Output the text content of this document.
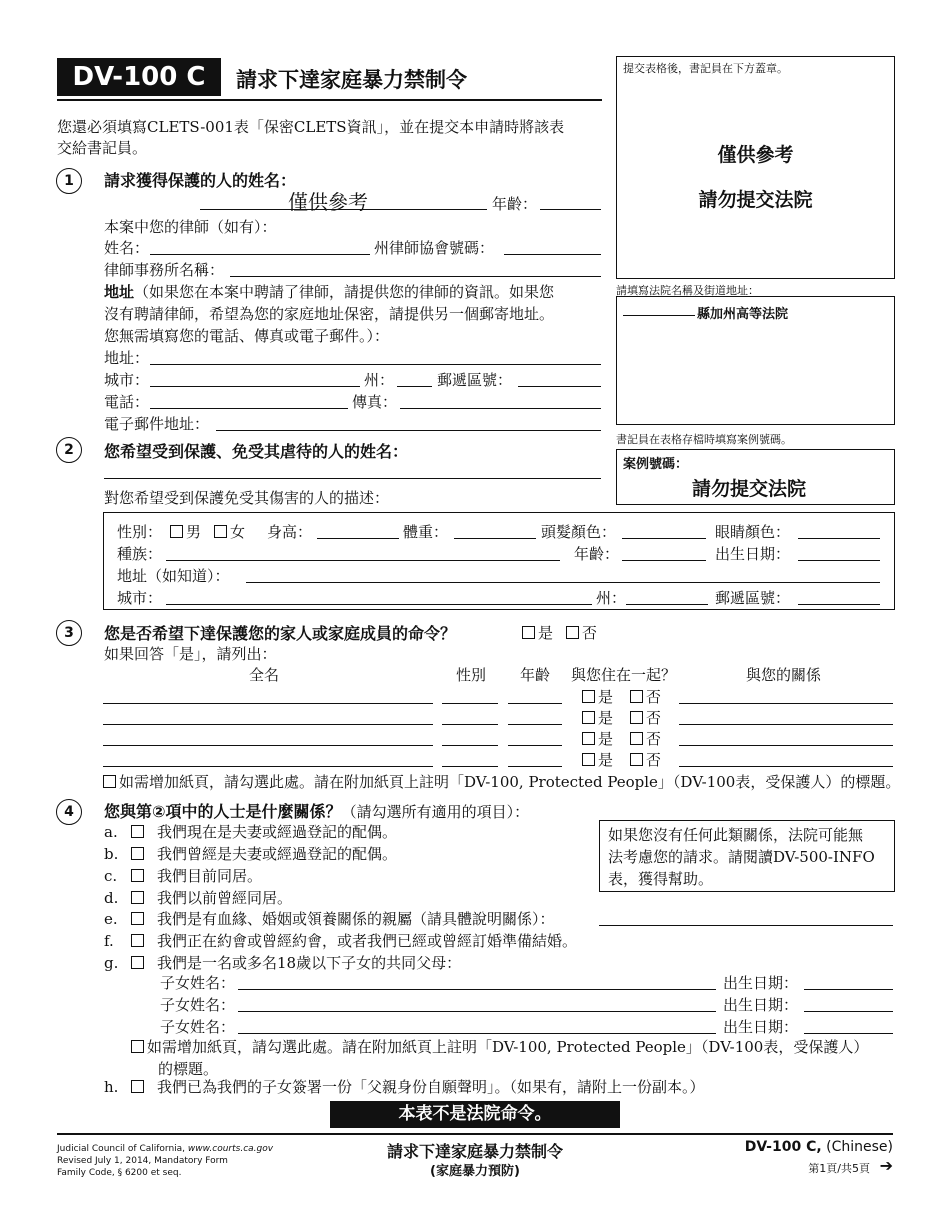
DV-100 C	請求下達家庭暴力禁制令
您還必須填寫CLETS-001表「保密CLETS資訊」，並在提交本申請時將該表
交給書記員。
提交表格後，書記員在下方蓋章。
僅供參考
請勿提交法院
請填寫法院名稱及街道地址：
縣加州高等法院
書記員在表格存檔時填寫案例號碼。
案例號碼：
請勿提交法院
1	請求獲得保護的人的姓名：
僅供參考	年齡：
本案中您的律師（如有）：
姓名：	州律師協會號碼：
律師事務所名稱：
地址（如果您在本案中聘請了律師，請提供您的律師的資訊。如果您
沒有聘請律師，希望為您的家庭地址保密，請提供另一個郵寄地址。
您無需填寫您的電話、傳真或電子郵件。）：
地址：
城市：	州：	郵遞區號：
電話：	傳真：
電子郵件地址：
2	您希望受到保護、免受其虐待的人的姓名：
對您希望受到保護免受其傷害的人的描述：
性別：	男	女 身高：	體重：	頭髮顏色：	眼睛顏色：
種族：	年齡：	出生日期：
地址（如知道）：
城市：	州：	郵遞區號：
3	您是否希望下達保護您的家人或家庭成員的命令？	是	否
如果回答「是」，請列出：
全名	性別 年齡 與您住在一起？	與您的關係
是	否
是	否
是	否
是	否
如需增加紙頁，請勾選此處。請在附加紙頁上註明「DV-100, Protected People」（DV-100表，受保護人）的標題。
4	您與第②項中的人士是什麼關係？（請勾選所有適用的項目）：
如果您沒有任何此類關係，法院可能無
法考慮您的請求。請閱讀DV-500-INFO
表，獲得幫助。
a.	我們現在是夫妻或經過登記的配偶。
b.	我們曾經是夫妻或經過登記的配偶。
c.	我們目前同居。
d.	我們以前曾經同居。
e.	我們是有血緣、婚姻或領養關係的親屬（請具體說明關係）：
f.	我們正在約會或曾經約會，或者我們已經或曾經訂婚準備結婚。
g.	我們是一名或多名18歲以下子女的共同父母：
h.	我們已為我們的子女簽署一份「父親身份自願聲明」。（如果有，請附上一份副本。）
子女姓名：	出生日期：
子女姓名：	出生日期：
子女姓名：	出生日期：
如需增加紙頁，請勾選此處。請在附加紙頁上註明「DV-100, Protected People」（DV-100表，受保護人）
的標題。
本表不是法院命令。
Judicial Council of California, www.courts.ca.gov
Revised July 1, 2014, Mandatory Form
Family Code, § 6200 et seq.
請求下達家庭暴力禁制令
(家庭暴力預防)
DV-100 C, (Chinese)
第1頁/共5頁 ➔
